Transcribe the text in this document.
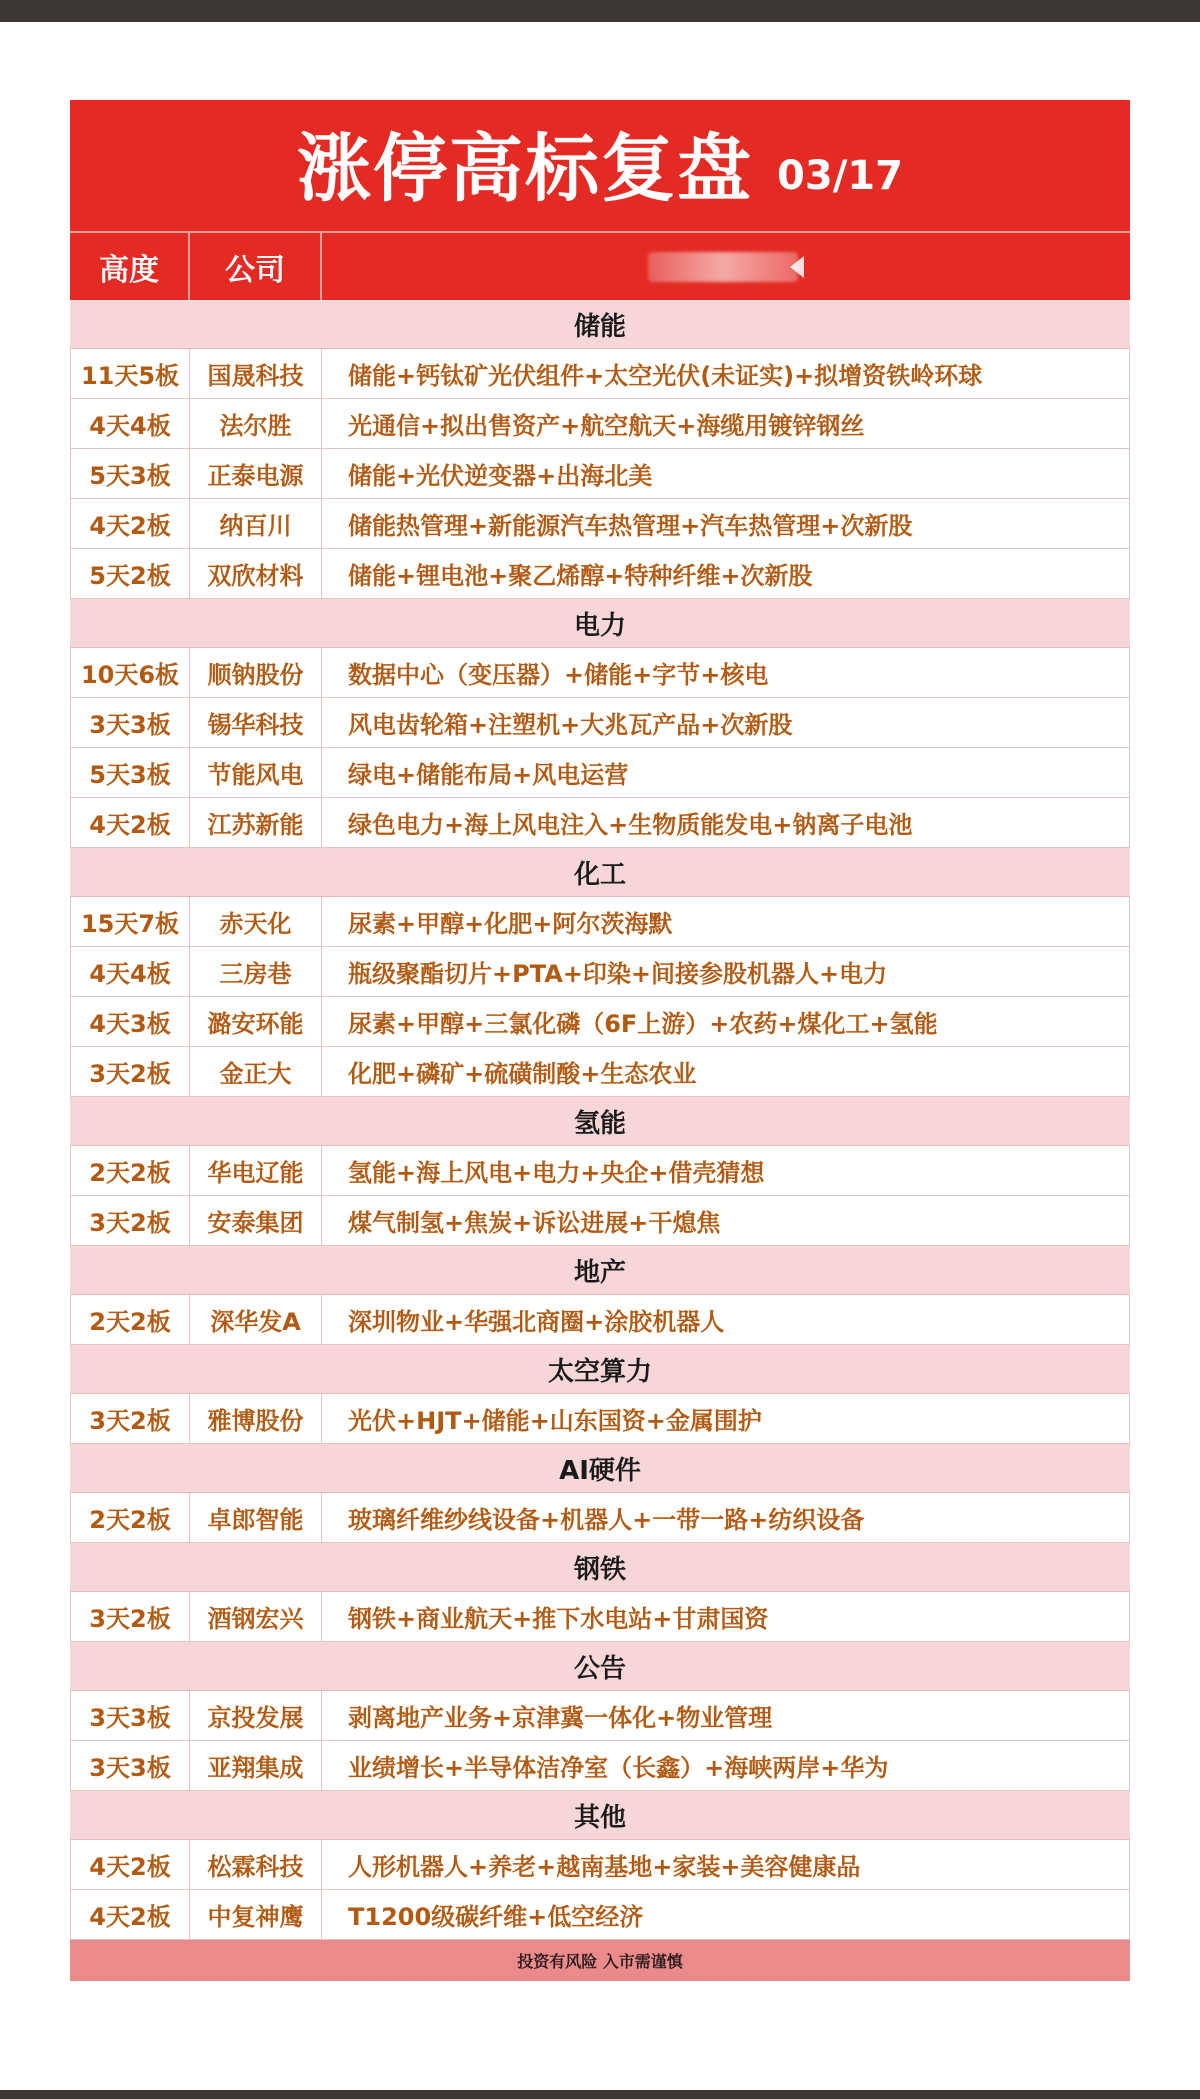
涨停高标复盘 03/17
高度	公司
储能
11天5板	国晟科技	储能+钙钛矿光伏组件+太空光伏(未证实)+拟增资铁岭环球
4天4板	法尔胜	光通信+拟出售资产+航空航天+海缆用镀锌钢丝
5天3板	正泰电源	储能+光伏逆变器+出海北美
4天2板	纳百川	储能热管理+新能源汽车热管理+汽车热管理+次新股
5天2板	双欣材料	储能+锂电池+聚乙烯醇+特种纤维+次新股
电力
10天6板	顺钠股份	数据中心（变压器）+储能+字节+核电
3天3板	锡华科技	风电齿轮箱+注塑机+大兆瓦产品+次新股
5天3板	节能风电	绿电+储能布局+风电运营
4天2板	江苏新能	绿色电力+海上风电注入+生物质能发电+钠离子电池
化工
15天7板	赤天化	尿素+甲醇+化肥+阿尔茨海默
4天4板	三房巷	瓶级聚酯切片+PTA+印染+间接参股机器人+电力
4天3板	潞安环能	尿素+甲醇+三氯化磷（6F上游）+农药+煤化工+氢能
3天2板	金正大	化肥+磷矿+硫磺制酸+生态农业
氢能
2天2板	华电辽能	氢能+海上风电+电力+央企+借壳猜想
3天2板	安泰集团	煤气制氢+焦炭+诉讼进展+干熄焦
地产
2天2板	深华发A	深圳物业+华强北商圈+涂胶机器人
太空算力
3天2板	雅博股份	光伏+HJT+储能+山东国资+金属围护
AI硬件
2天2板	卓郎智能	玻璃纤维纱线设备+机器人+一带一路+纺织设备
钢铁
3天2板	酒钢宏兴	钢铁+商业航天+推下水电站+甘肃国资
公告
3天3板	京投发展	剥离地产业务+京津冀一体化+物业管理
3天3板	亚翔集成	业绩增长+半导体洁净室（长鑫）+海峡两岸+华为
其他
4天2板	松霖科技	人形机器人+养老+越南基地+家装+美容健康品
4天2板	中复神鹰	T1200级碳纤维+低空经济
投资有风险 入市需谨慎
